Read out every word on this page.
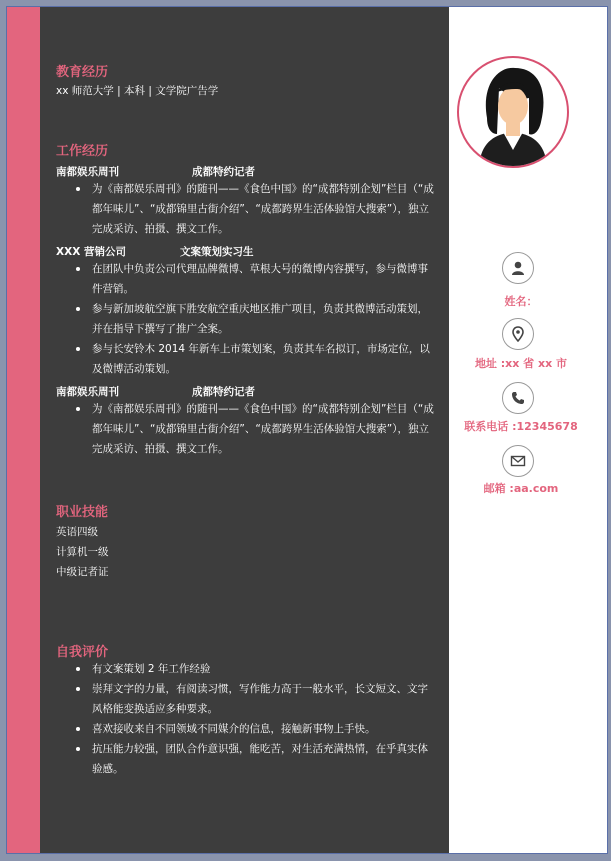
教育经历
xx 师范大学 | 本科 | 文学院广告学
工作经历
南都娱乐周刊	成都特约记者
为《南都娱乐周刊》的随刊——《食色中国》的“成都特别企划”栏目（“成都年味儿”、“成都锦里古街介绍”、“成都跨界生活体验馆大搜索”），独立完成采访、拍摄、撰文工作。
XXX 营销公司	文案策划实习生
在团队中负责公司代理品牌微博、草根大号的微博内容撰写，参与微博事件营销。
参与新加坡航空旗下胜安航空重庆地区推广项目，负责其微博活动策划，并在指导下撰写了推广全案。
参与长安铃木 2014 年新车上市策划案，负责其车名拟订，市场定位，以及微博活动策划。
南都娱乐周刊	成都特约记者
为《南都娱乐周刊》的随刊——《食色中国》的“成都特别企划”栏目（“成都年味儿”、“成都锦里古街介绍”、“成都跨界生活体验馆大搜索”），独立完成采访、拍摄、撰文工作。
职业技能
英语四级
计算机一级
中级记者证
自我评价
有文案策划 2 年工作经验
崇拜文字的力量，有阅读习惯，写作能力高于一般水平，长文短文、文字风格能变换适应多种要求。
喜欢接收来自不同领域不同媒介的信息，接触新事物上手快。
抗压能力较强，团队合作意识强，能吃苦，对生活充满热情，在乎真实体验感。
姓名：
地址 :xx 省 xx 市
联系电话 :12345678
邮箱 :aa.com
